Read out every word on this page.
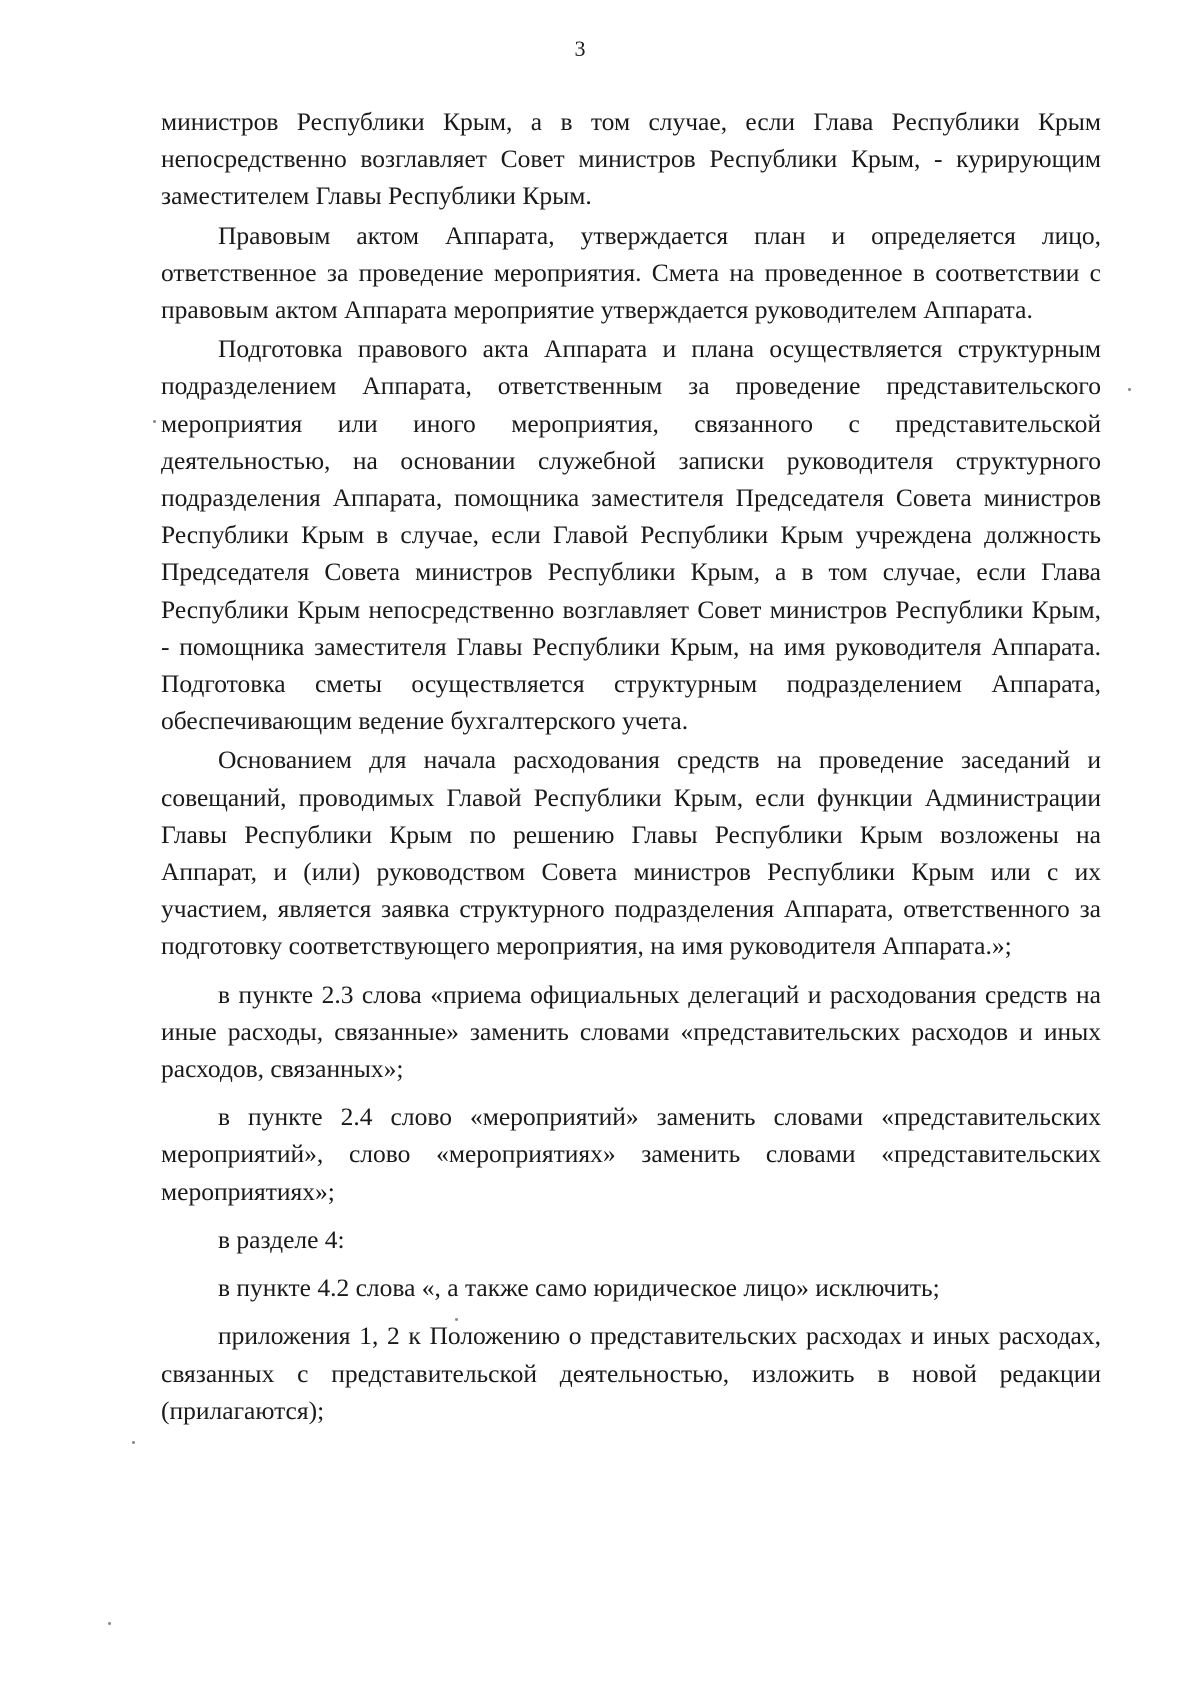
3

министров Республики Крым, а в том случае, если Глава Республики Крым непосредственно возглавляет Совет министров Республики Крым, - курирующим заместителем Главы Республики Крым.

Правовым актом Аппарата, утверждается план и определяется лицо, ответственное за проведение мероприятия. Смета на проведенное в соответствии с правовым актом Аппарата мероприятие утверждается руководителем Аппарата.

Подготовка правового акта Аппарата и плана осуществляется структурным подразделением Аппарата, ответственным за проведение представительского мероприятия или иного мероприятия, связанного с представительской деятельностью, на основании служебной записки руководителя структурного подразделения Аппарата, помощника заместителя Председателя Совета министров Республики Крым в случае, если Главой Республики Крым учреждена должность Председателя Совета министров Республики Крым, а в том случае, если Глава Республики Крым непосредственно возглавляет Совет министров Республики Крым, - помощника заместителя Главы Республики Крым, на имя руководителя Аппарата. Подготовка сметы осуществляется структурным подразделением Аппарата, обеспечивающим ведение бухгалтерского учета.

Основанием для начала расходования средств на проведение заседаний и совещаний, проводимых Главой Республики Крым, если функции Администрации Главы Республики Крым по решению Главы Республики Крым возложены на Аппарат, и (или) руководством Совета министров Республики Крым или с их участием, является заявка структурного подразделения Аппарата, ответственного за подготовку соответствующего мероприятия, на имя руководителя Аппарата.»;

в пункте 2.3 слова «приема официальных делегаций и расходования средств на иные расходы, связанные» заменить словами «представительских расходов и иных расходов, связанных»;

в пункте 2.4 слово «мероприятий» заменить словами «представительских мероприятий», слово «мероприятиях» заменить словами «представительских мероприятиях»;

в разделе 4:

в пункте 4.2 слова «, а также само юридическое лицо» исключить;

приложения 1, 2 к Положению о представительских расходах и иных расходах, связанных с представительской деятельностью, изложить в новой редакции (прилагаются);
